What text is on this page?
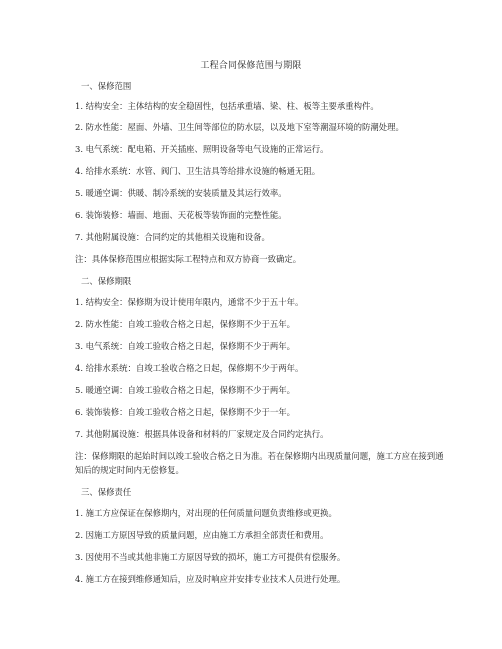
工程合同保修范围与期限
一、保修范围
1. 结构安全：主体结构的安全稳固性，包括承重墙、梁、柱、板等主要承重构件。
2. 防水性能：屋面、外墙、卫生间等部位的防水层，以及地下室等潮湿环境的防潮处理。
3. 电气系统：配电箱、开关插座、照明设备等电气设施的正常运行。
4. 给排水系统：水管、阀门、卫生洁具等给排水设施的畅通无阻。
5. 暖通空调：供暖、制冷系统的安装质量及其运行效率。
6. 装饰装修：墙面、地面、天花板等装饰面的完整性能。
7. 其他附属设施：合同约定的其他相关设施和设备。
注：具体保修范围应根据实际工程特点和双方协商一致确定。
二、保修期限
1. 结构安全：保修期为设计使用年限内，通常不少于五十年。
2. 防水性能：自竣工验收合格之日起，保修期不少于五年。
3. 电气系统：自竣工验收合格之日起，保修期不少于两年。
4. 给排水系统：自竣工验收合格之日起，保修期不少于两年。
5. 暖通空调：自竣工验收合格之日起，保修期不少于两年。
6. 装饰装修：自竣工验收合格之日起，保修期不少于一年。
7. 其他附属设施：根据具体设备和材料的厂家规定及合同约定执行。
注：保修期限的起始时间以竣工验收合格之日为准。若在保修期内出现质量问题，施工方应在接到通知后的规定时间内无偿修复。
三、保修责任
1. 施工方应保证在保修期内，对出现的任何质量问题负责维修或更换。
2. 因施工方原因导致的质量问题，应由施工方承担全部责任和费用。
3. 因使用不当或其他非施工方原因导致的损坏，施工方可提供有偿服务。
4. 施工方在接到维修通知后，应及时响应并安排专业技术人员进行处理。
